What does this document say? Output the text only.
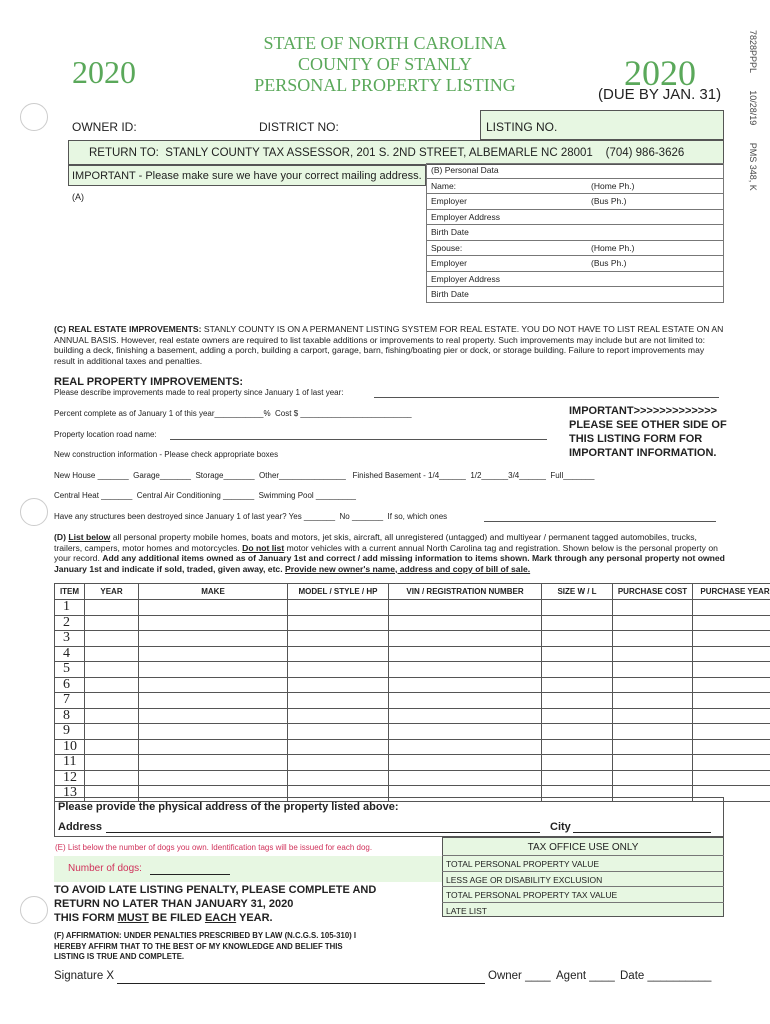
2020
STATE OF NORTH CAROLINA
COUNTY OF STANLY
PERSONAL PROPERTY LISTING	2020
(DUE BY JAN. 31)	7828PPPL       10/28/19       PMS 348, K
OWNER ID:	DISTRICT NO:	LISTING NO.
RETURN TO:  STANLY COUNTY TAX ASSESSOR, 201 S. 2ND STREET, ALBEMARLE NC 28001    (704) 986-3626
IMPORTANT - Please make sure we have your correct mailing address.
(A)
(B) Personal Data
Name:	(Home Ph.)
Employer	(Bus Ph.)
Employer Address
Birth Date
Spouse:	(Home Ph.)
Employer	(Bus Ph.)
Employer Address
Birth Date
(C) REAL ESTATE IMPROVEMENTS: STANLY COUNTY IS ON A PERMANENT LISTING SYSTEM FOR REAL ESTATE. YOU DO NOT HAVE TO LIST REAL ESTATE ON AN ANNUAL BASIS. However, real estate owners are required to list taxable additions or improvements to real property. Such improvements may include but are not limited to: building a deck, finishing a basement, adding a porch, building a carport, garage, barn, fishing/boating pier or dock, or storage building. Failure to report improvements may result in additional taxes and penalties.
REAL PROPERTY IMPROVEMENTS:
Please describe improvements made to real property since January 1 of last year:
Percent complete as of January 1 of this year___________%  Cost $ _________________________
Property location road name:
New construction information - Please check appropriate boxes
IMPORTANT>>>>>>>>>>>>> PLEASE SEE OTHER SIDE OF THIS LISTING FORM FOR IMPORTANT INFORMATION.
New House _______  Garage_______  Storage_______  Other_______________   Finished Basement - 1/4______  1/2______3/4______  Full_______
Central Heat _______  Central Air Conditioning _______  Swimming Pool _________
Have any structures been destroyed since January 1 of last year? Yes _______  No _______  If so, which ones
(D) List below all personal property mobile homes, boats and motors, jet skis, aircraft, all unregistered (untagged) and multiyear / permanent tagged automobiles, trucks, trailers, campers, motor homes and motorcycles. Do not list motor vehicles with a current annual North Carolina tag and registration. Shown below is the personal property on your record. Add any additional items owned as of January 1st and correct / add missing information to items shown. Mark through any personal property not owned January 1st and indicate if sold, traded, given away, etc. Provide new owner's name, address and copy of bill of sale.
ITEM	YEAR	MAKE	MODEL / STYLE / HP	VIN / REGISTRATION NUMBER	SIZE W / L	PURCHASE COST	PURCHASE YEAR
1							
2							
3							
4							
5							
6							
7							
8							
9							
10							
11							
12							
13							
Please provide the physical address of the property listed above:
Address	City
(E) List below the number of dogs you own. Identification tags will be issued for each dog.
Number of dogs:
TAX OFFICE USE ONLY
TOTAL PERSONAL PROPERTY VALUE
LESS AGE OR DISABILITY EXCLUSION
TOTAL PERSONAL PROPERTY TAX VALUE
LATE LIST
TO AVOID LATE LISTING PENALTY, PLEASE COMPLETE AND
RETURN NO LATER THAN JANUARY 31, 2020
THIS FORM MUST BE FILED EACH YEAR.
(F) AFFIRMATION: UNDER PENALTIES PRESCRIBED BY LAW (N.C.G.S. 105-310) I HEREBY AFFIRM THAT TO THE BEST OF MY KNOWLEDGE AND BELIEF THIS LISTING IS TRUE AND COMPLETE.
Signature X	Owner ____ Agent ____ Date __________
